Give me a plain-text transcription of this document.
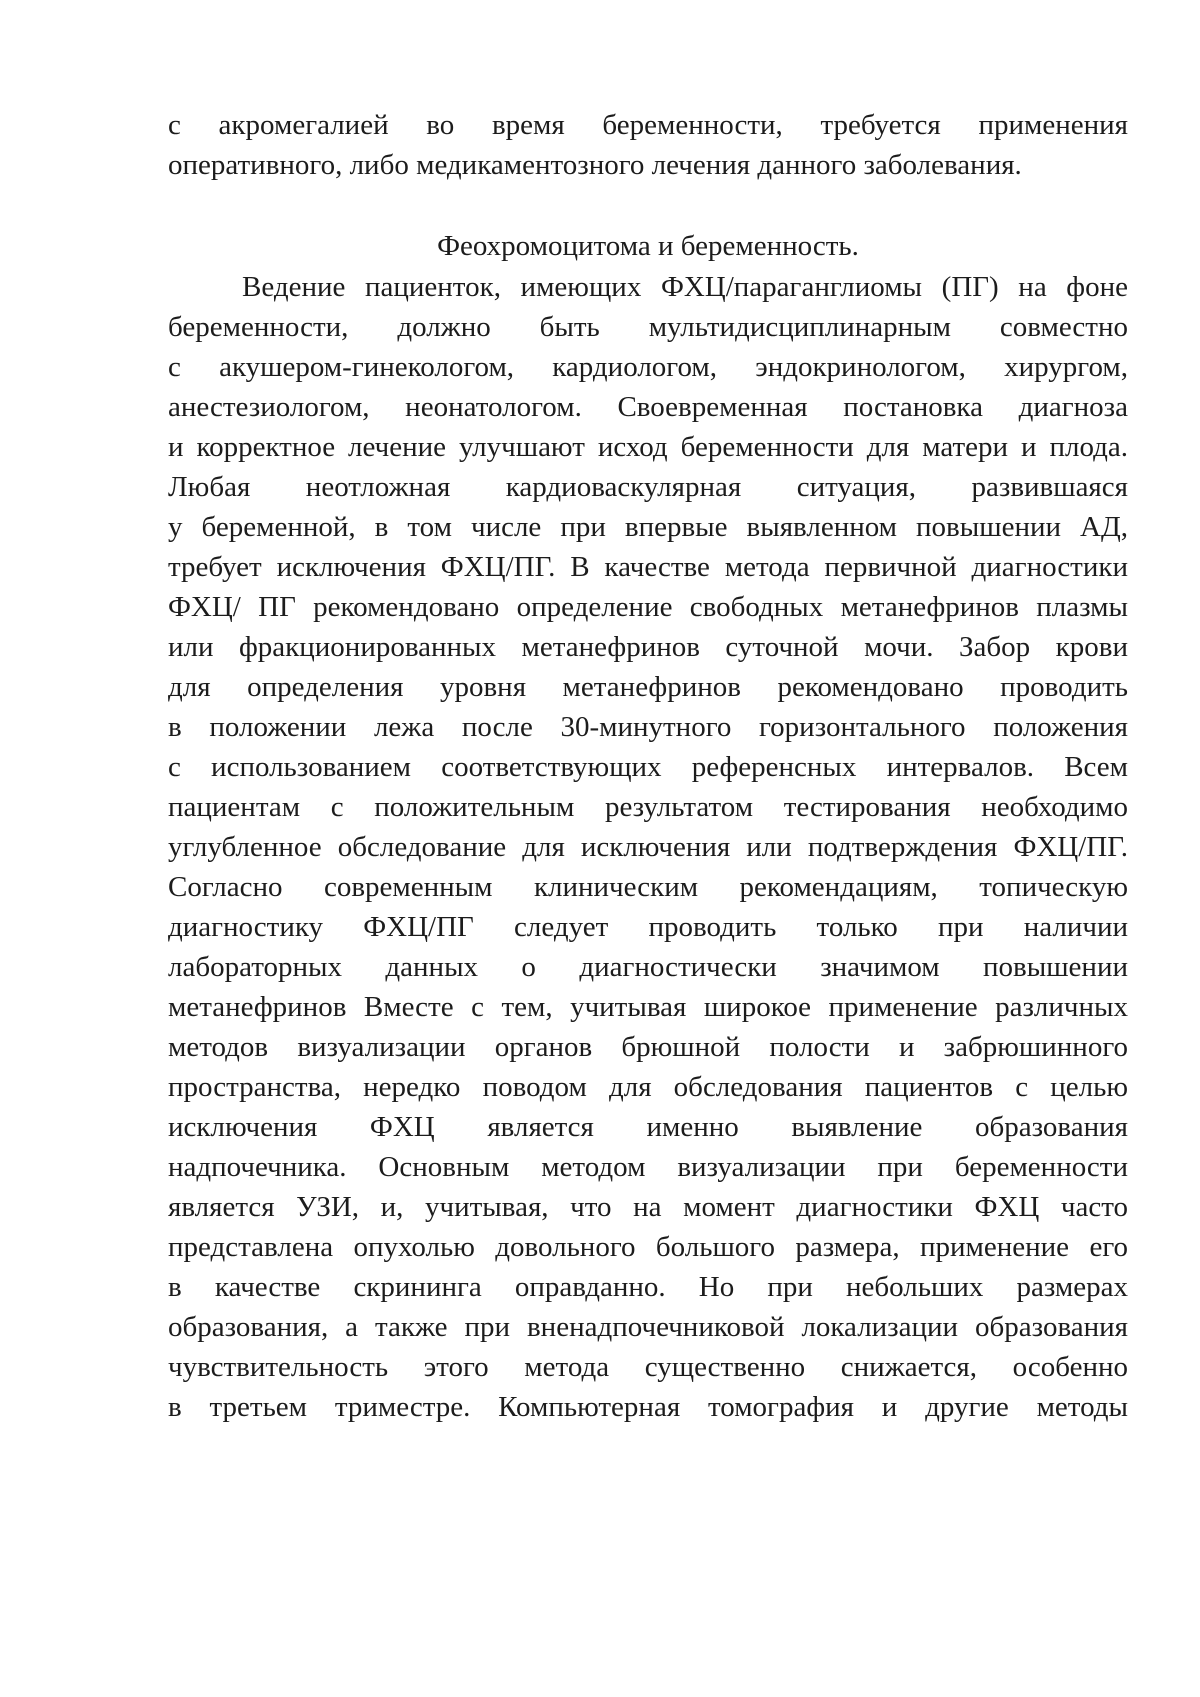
с акромегалией во время беременности, требуется применения
оперативного, либо медикаментозного лечения данного заболевания.
Феохромоцитома и беременность.
Ведение пациенток, имеющих ФХЦ/параганглиомы (ПГ) на фоне
беременности, должно быть мультидисциплинарным совместно
с акушером-гинекологом, кардиологом, эндокринологом, хирургом,
анестезиологом, неонатологом. Своевременная постановка диагноза
и корректное лечение улучшают исход беременности для матери и плода.
Любая неотложная кардиоваскулярная ситуация, развившаяся
у беременной, в том числе при впервые выявленном повышении АД,
требует исключения ФХЦ/ПГ. В качестве метода первичной диагностики
ФХЦ/ ПГ рекомендовано определение свободных метанефринов плазмы
или фракционированных метанефринов суточной мочи. Забор крови
для определения уровня метанефринов рекомендовано проводить
в положении лежа после 30-минутного горизонтального положения
с использованием соответствующих референсных интервалов. Всем
пациентам с положительным результатом тестирования необходимо
углубленное обследование для исключения или подтверждения ФХЦ/ПГ.
Согласно современным клиническим рекомендациям, топическую
диагностику ФХЦ/ПГ следует проводить только при наличии
лабораторных данных о диагностически значимом повышении
метанефринов Вместе с тем, учитывая широкое применение различных
методов визуализации органов брюшной полости и забрюшинного
пространства, нередко поводом для обследования пациентов с целью
исключения ФХЦ является именно выявление образования
надпочечника. Основным методом визуализации при беременности
является УЗИ, и, учитывая, что на момент диагностики ФХЦ часто
представлена опухолью довольного большого размера, применение его
в качестве скрининга оправданно. Но при небольших размерах
образования, а также при вненадпочечниковой локализации образования
чувствительность этого метода существенно снижается, особенно
в третьем триместре. Компьютерная томография и другие методы
